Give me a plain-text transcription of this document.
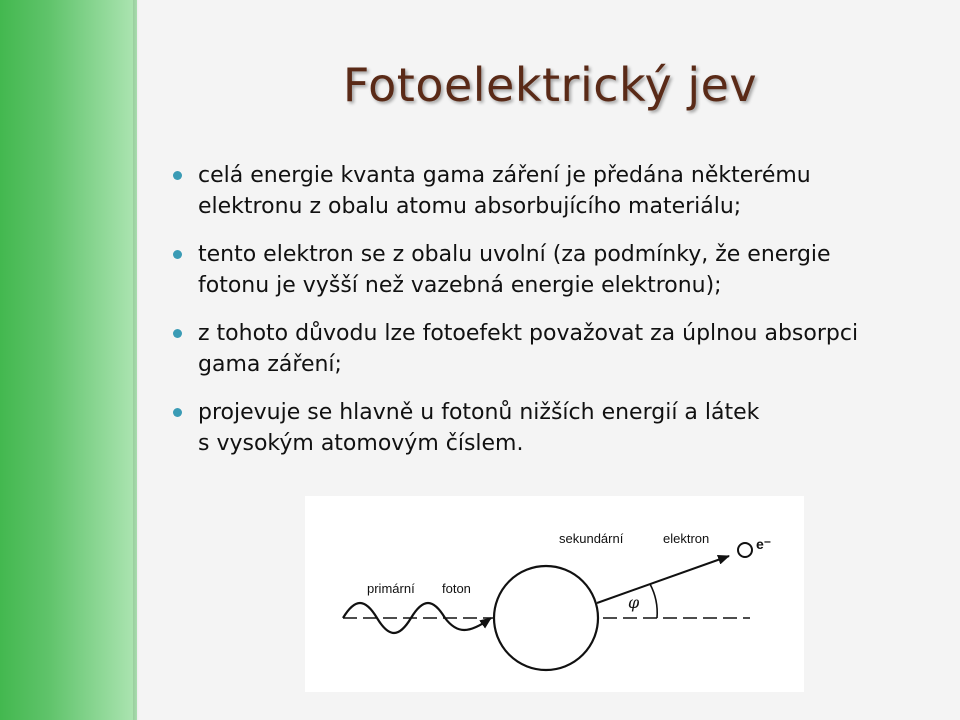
Fotoelektrický jev
celá energie kvanta gama záření je předána některému
elektronu z obalu atomu absorbujícího materiálu;
tento elektron se z obalu uvolní (za podmínky, že energie
fotonu je vyšší než vazebná energie elektronu);
z tohoto důvodu lze fotoefekt považovat za úplnou absorpci
gama záření;
projevuje se hlavně u fotonů nižších energií a látek
s vysokým atomovým číslem.
primární foton
sekundární	elektron	e⁻
φ
